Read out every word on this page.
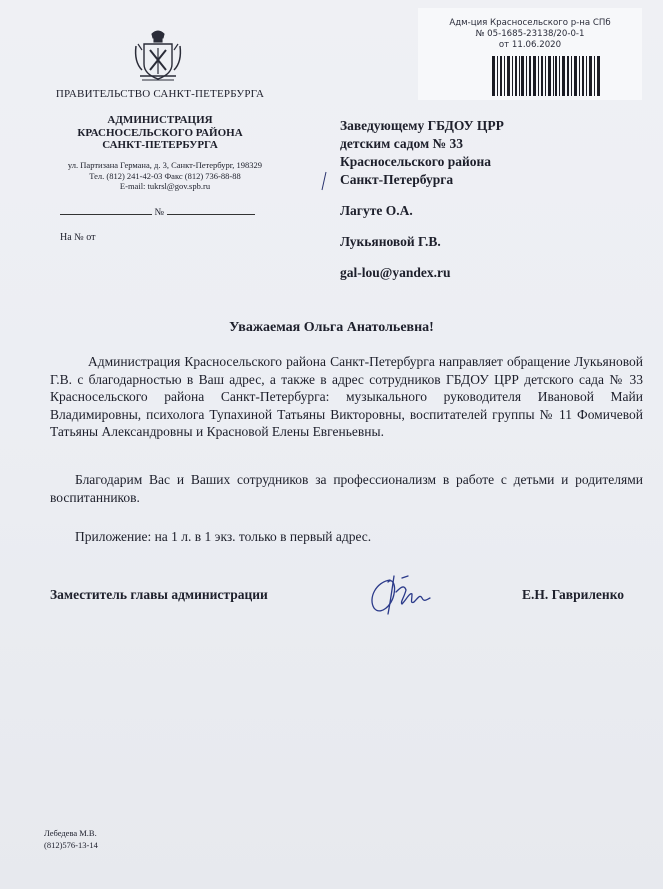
ПРАВИТЕЛЬСТВО САНКТ-ПЕТЕРБУРГА
АДМИНИСТРАЦИЯ
КРАСНОСЕЛЬСКОГО РАЙОНА
САНКТ-ПЕТЕРБУРГА
ул. Партизана Германа, д. 3, Санкт-Петербург, 198329
Тел. (812) 241-42-03 Факс (812) 736-88-88
E-mail: tukrsl@gov.spb.ru
№
На № от
Адм-ция Красносельского р-на СПб
№ 05-1685-23138/20-0-1
от 11.06.2020
Заведующему ГБДОУ ЦРР
детским садом № 33
Красносельского района
Санкт-Петербурга
Лагуте О.А.
Лукьяновой Г.В.
gal-lou@yandex.ru
Уважаемая Ольга Анатольевна!
Администрация Красносельского района Санкт-Петербурга направляет обращение Лукьяновой Г.В. с благодарностью в Ваш адрес, а также в адрес сотрудников ГБДОУ ЦРР детского сада № 33 Красносельского района Санкт-Петербурга: музыкального руководителя Ивановой Майи Владимировны, психолога Тупахиной Татьяны Викторовны, воспитателей группы № 11 Фомичевой Татьяны Александровны и Красновой Елены Евгеньевны.
Благодарим Вас и Ваших сотрудников за профессионализм в работе с детьми и родителями воспитанников.
Приложение: на 1 л. в 1 экз. только в первый адрес.
Заместитель главы администрации	Е.Н. Гавриленко
Лебедева М.В.
(812)576-13-14
